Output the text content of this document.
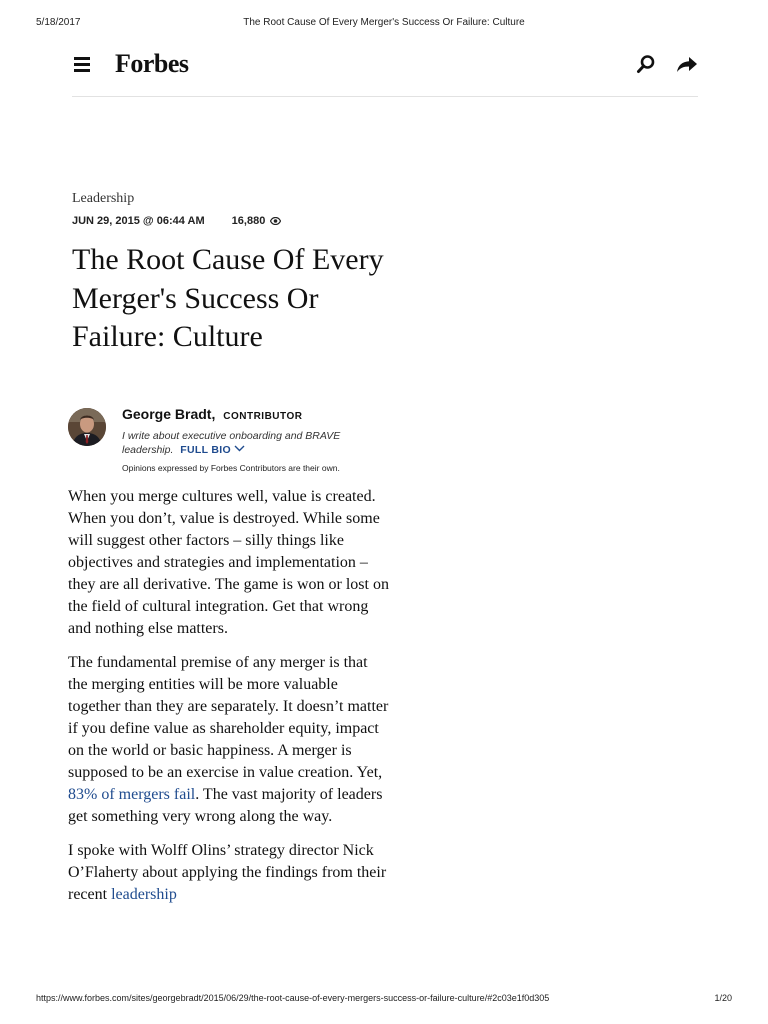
5/18/2017	The Root Cause Of Every Merger's Success Or Failure: Culture
Forbes
Leadership
JUN 29, 2015 @ 06:44 AM 16,880
The Root Cause Of Every Merger's Success Or Failure: Culture
George Bradt, CONTRIBUTOR
I write about executive onboarding and BRAVE leadership. FULL BIO
Opinions expressed by Forbes Contributors are their own.

When you merge cultures well, value is created. When you don’t, value is destroyed. While some will suggest other factors – silly things like objectives and strategies and implementation – they are all derivative. The game is won or lost on the field of cultural integration. Get that wrong and nothing else matters.

The fundamental premise of any merger is that the merging entities will be more valuable together than they are separately. It doesn’t matter if you define value as shareholder equity, impact on the world or basic happiness. A merger is supposed to be an exercise in value creation. Yet, 83% of mergers fail. The vast majority of leaders get something very wrong along the way.

I spoke with Wolff Olins’ strategy director Nick O’Flaherty about applying the findings from their recent leadership

https://www.forbes.com/sites/georgebradt/2015/06/29/the-root-cause-of-every-mergers-success-or-failure-culture/#2c03e1f0d305	1/20
